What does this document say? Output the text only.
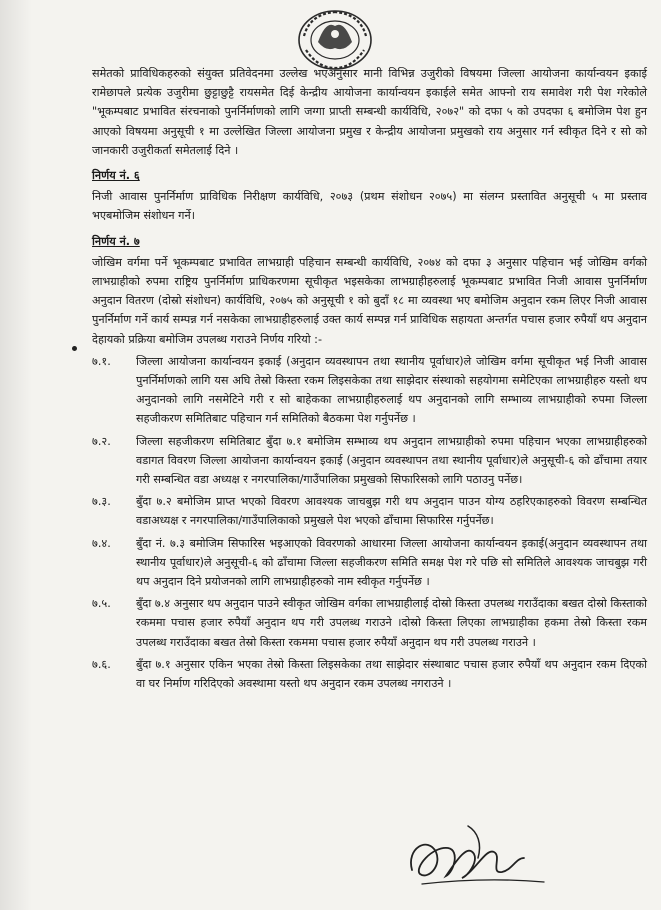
समेतको प्राविधिकहरुको संयुक्त प्रतिवेदनमा उल्लेख भएअनुसार मानी विभिन्न उजुरीको विषयमा जिल्ला आयोजना कार्यान्वयन इकाई रामेछापले प्रत्येक उजुरीमा छुट्टाछुट्टै रायसमेत दिई केन्द्रीय आयोजना कार्यान्वयन इकाईले समेत आफ्नो राय समावेश गरी पेश गरेकोले "भूकम्पबाट प्रभावित संरचनाको पुनर्निर्माणको लागि जग्गा प्राप्ती सम्बन्धी कार्यविधि, २०७२" को दफा ५ को उपदफा ६ बमोजिम पेश हुन आएको विषयमा अनुसूची १ मा उल्लेखित जिल्ला आयोजना प्रमुख र केन्द्रीय आयोजना प्रमुखको राय अनुसार गर्न स्वीकृत दिने र सो को जानकारी उजुरीकर्ता समेतलाई दिने ।

निर्णय नं. ६

निजी आवास पुनर्निर्माण प्राविधिक निरीक्षण कार्यविधि, २०७३ (प्रथम संशोधन २०७५) मा संलग्न प्रस्तावित अनुसूची ५ मा प्रस्ताव भएबमोजिम संशोधन गर्ने।

निर्णय नं. ७

जोखिम वर्गमा पर्ने भूकम्पबाट प्रभावित लाभग्राही पहिचान सम्बन्धी कार्यविधि, २०७४ को दफा ३ अनुसार पहिचान भई जोखिम वर्गको लाभग्राहीको रुपमा राष्ट्रिय पुनर्निर्माण प्राधिकरणमा सूचीकृत भइसकेका लाभग्राहीहरुलाई भूकम्पबाट प्रभावित निजी आवास पुनर्निर्माण अनुदान वितरण (दोस्रो संशोधन) कार्यविधि, २०७५ को अनुसूची १ को बुदाँ १८ मा व्यवस्था भए बमोजिम अनुदान रकम लिएर निजी आवास पुनर्निर्माण गर्ने कार्य सम्पन्न गर्न नसकेका लाभग्राहीहरुलाई उक्त कार्य सम्पन्न गर्न प्राविधिक सहायता अन्तर्गत पचास हजार रुपैयाँ थप अनुदान देहायको प्रक्रिया बमोजिम उपलब्ध गराउने निर्णय गरियो :-

७.१.	जिल्ला आयोजना कार्यान्वयन इकाई (अनुदान व्यवस्थापन तथा स्थानीय पूर्वाधार)ले जोखिम वर्गमा सूचीकृत भई निजी आवास पुनर्निर्माणको लागि यस अघि तेस्रो किस्ता रकम लिइसकेका तथा साझेदार संस्थाको सहयोगमा समेटिएका लाभग्राहीहरु यस्तो थप अनुदानको लागि नसमेटिने गरी र सो बाहेकका लाभग्राहीहरुलाई थप अनुदानको लागि सम्भाव्य लाभग्राहीको रुपमा जिल्ला सहजीकरण समितिबाट पहिचान गर्न समितिको बैठकमा पेश गर्नुपर्नेछ ।
७.२.	जिल्ला सहजीकरण समितिबाट बुँदा ७.१ बमोजिम सम्भाव्य थप अनुदान लाभग्राहीको रुपमा पहिचान भएका लाभग्राहीहरुको वडागत विवरण जिल्ला आयोजना कार्यान्वयन इकाई (अनुदान व्यवस्थापन तथा स्थानीय पूर्वाधार)ले अनुसूची-६ को ढाँचामा तयार गरी सम्बन्धित वडा अध्यक्ष र नगरपालिका/गाउँपालिका प्रमुखको सिफारिसको लागि पठाउनु पर्नेछ।
७.३.	बुँदा ७.२ बमोजिम प्राप्त भएको विवरण आवश्यक जाचबुझ गरी थप अनुदान पाउन योग्य ठहरिएकाहरुको विवरण सम्बन्धित वडाअध्यक्ष र नगरपालिका/गाउँपालिकाको प्रमुखले पेश भएको ढाँचामा सिफारिस गर्नुपर्नेछ।
७.४.	बुँदा नं. ७.३ बमोजिम सिफारिस भइआएको विवरणको आधारमा जिल्ला आयोजना कार्यान्वयन इकाई(अनुदान व्यवस्थापन तथा स्थानीय पूर्वाधार)ले अनुसूची-६ को ढाँचामा जिल्ला सहजीकरण समिति समक्ष पेश गरे पछि सो समितिले आवश्यक जाचबुझ गरी थप अनुदान दिने प्रयोजनको लागि लाभग्राहीहरुको नाम स्वीकृत गर्नुपर्नेछ ।
७.५.	बुँदा ७.४ अनुसार थप अनुदान पाउने स्वीकृत जोखिम वर्गका लाभग्राहीलाई दोस्रो किस्ता उपलब्ध गराउँदाका बखत दोस्रो किस्ताको रकममा पचास हजार रुपैयाँ अनुदान थप गरी उपलब्ध गराउने ।दोस्रो किस्ता लिएका लाभग्राहीका हकमा तेस्रो किस्ता रकम उपलब्ध गराउँदाका बखत तेस्रो किस्ता रकममा पचास हजार रुपैयाँ अनुदान थप गरी उपलब्ध गराउने ।
७.६.	बुँदा ७.१ अनुसार एकिन भएका तेस्रो किस्ता लिइसकेका तथा साझेदार संस्थाबाट पचास हजार रुपैयाँ थप अनुदान रकम दिएको वा घर निर्माण गरिदिएको अवस्थामा यस्तो थप अनुदान रकम उपलब्ध नगराउने ।
